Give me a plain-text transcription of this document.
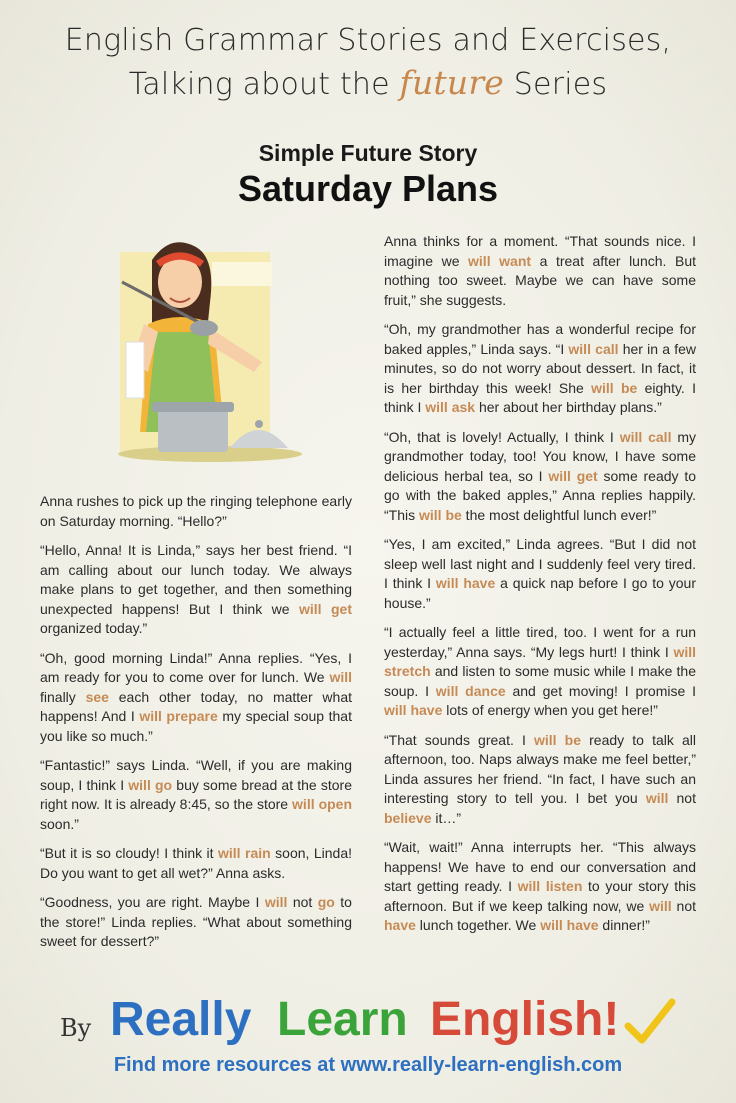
English Grammar Stories and Exercises,
Talking about the future Series
Simple Future Story
Saturday Plans

Anna rushes to pick up the ringing telephone early on Saturday morning. “Hello?”

“Hello, Anna! It is Linda,” says her best friend. “I am calling about our lunch today. We always make plans to get together, and then something unexpected happens! But I think we will get organized today.”

“Oh, good morning Linda!” Anna replies. “Yes, I am ready for you to come over for lunch. We will finally see each other today, no matter what happens! And I will prepare my special soup that you like so much.”

“Fantastic!” says Linda. “Well, if you are making soup, I think I will go buy some bread at the store right now. It is already 8:45, so the store will open soon.”

“But it is so cloudy! I think it will rain soon, Linda! Do you want to get all wet?” Anna asks.

“Goodness, you are right. Maybe I will not go to the store!” Linda replies. “What about something sweet for dessert?”

Anna thinks for a moment. “That sounds nice. I imagine we will want a treat after lunch. But nothing too sweet. Maybe we can have some fruit,” she suggests.

“Oh, my grandmother has a wonderful recipe for baked apples,” Linda says. “I will call her in a few minutes, so do not worry about dessert. In fact, it is her birthday this week! She will be eighty. I think I will ask her about her birthday plans.”

“Oh, that is lovely! Actually, I think I will call my grandmother today, too! You know, I have some delicious herbal tea, so I will get some ready to go with the baked apples,” Anna replies happily. “This will be the most delightful lunch ever!”

“Yes, I am excited,” Linda agrees. “But I did not sleep well last night and I suddenly feel very tired. I think I will have a quick nap before I go to your house.”

“I actually feel a little tired, too. I went for a run yesterday,” Anna says. “My legs hurt! I think I will stretch and listen to some music while I make the soup. I will dance and get moving! I promise I will have lots of energy when you get here!”

“That sounds great. I will be ready to talk all afternoon, too. Naps always make me feel better,” Linda assures her friend. “In fact, I have such an interesting story to tell you. I bet you will not believe it…”

“Wait, wait!” Anna interrupts her. “This always happens! We have to end our conversation and start getting ready. I will listen to your story this afternoon. But if we keep talking now, we will not have lunch together. We will have dinner!”

By Really Learn English!
Find more resources at www.really-learn-english.com
